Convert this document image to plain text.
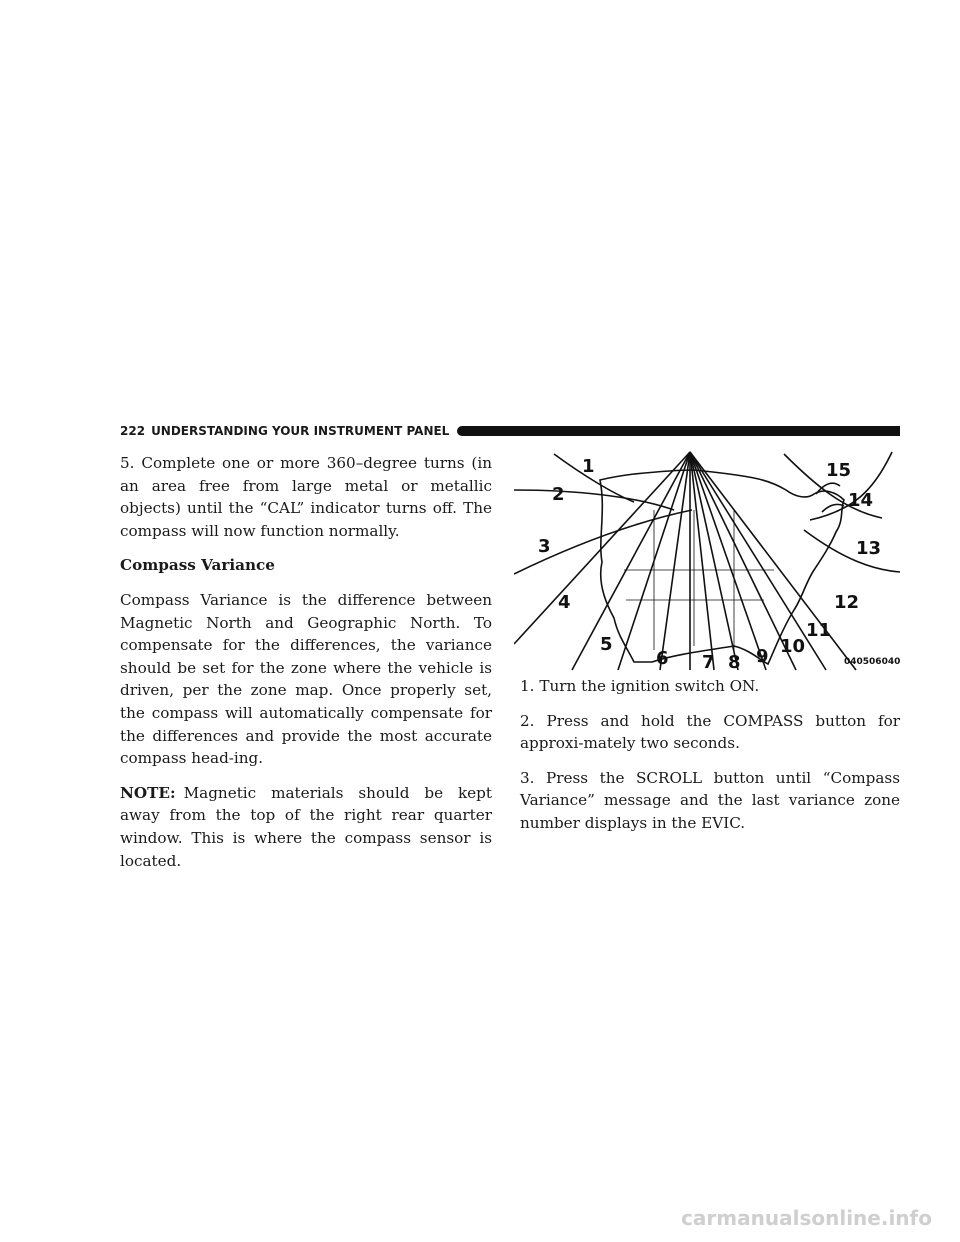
222 UNDERSTANDING YOUR INSTRUMENT PANEL

5. Complete one or more 360–degree turns (in an area free from large metal or metallic objects) until the “CAL” indicator turns off. The compass will now function normally.

Compass Variance

Compass Variance is the difference between Magnetic North and Geographic North. To compensate for the differences, the variance should be set for the zone where the vehicle is driven, per the zone map. Once properly set, the compass will automatically compensate for the differences and provide the most accurate compass head-ing.

NOTE: Magnetic materials should be kept away from the top of the right rear quarter window. This is where the compass sensor is located.

1
2
3
4
5
6 7 8 9 10
11
12
13
14
15
040506040

1. Turn the ignition switch ON.

2. Press and hold the COMPASS button for approxi-mately two seconds.

3. Press the SCROLL button until “Compass Variance” message and the last variance zone number displays in the EVIC.

carmanualsonline.info
